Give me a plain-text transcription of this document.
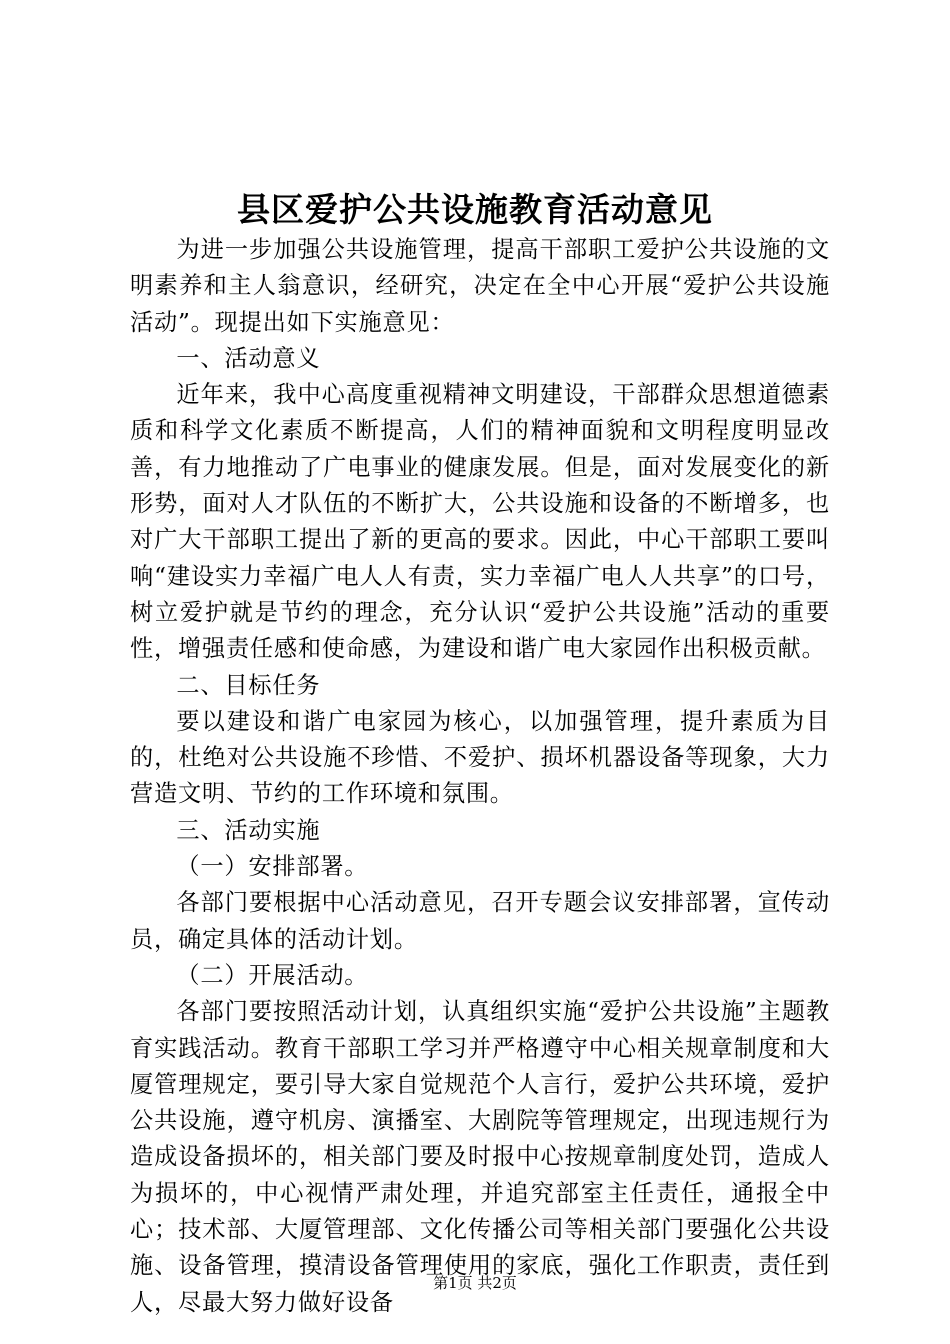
县区爱护公共设施教育活动意见

为进一步加强公共设施管理，提高干部职工爱护公共设施的文明素养和主人翁意识，经研究，决定在全中心开展“爱护公共设施活动”。现提出如下实施意见：

一、活动意义

近年来，我中心高度重视精神文明建设，干部群众思想道德素质和科学文化素质不断提高，人们的精神面貌和文明程度明显改善，有力地推动了广电事业的健康发展。但是，面对发展变化的新形势，面对人才队伍的不断扩大，公共设施和设备的不断增多，也对广大干部职工提出了新的更高的要求。因此，中心干部职工要叫响“建设实力幸福广电人人有责，实力幸福广电人人共享”的口号，树立爱护就是节约的理念，充分认识“爱护公共设施”活动的重要性，增强责任感和使命感，为建设和谐广电大家园作出积极贡献。

二、目标任务

要以建设和谐广电家园为核心，以加强管理，提升素质为目的，杜绝对公共设施不珍惜、不爱护、损坏机器设备等现象，大力营造文明、节约的工作环境和氛围。

三、活动实施

（一）安排部署。

各部门要根据中心活动意见，召开专题会议安排部署，宣传动员，确定具体的活动计划。

（二）开展活动。

各部门要按照活动计划，认真组织实施“爱护公共设施”主题教育实践活动。教育干部职工学习并严格遵守中心相关规章制度和大厦管理规定，要引导大家自觉规范个人言行，爱护公共环境，爱护公共设施，遵守机房、演播室、大剧院等管理规定，出现违规行为造成设备损坏的，相关部门要及时报中心按规章制度处罚，造成人为损坏的，中心视情严肃处理，并追究部室主任责任，通报全中心；技术部、大厦管理部、文化传播公司等相关部门要强化公共设施、设备管理，摸清设备管理使用的家底，强化工作职责，责任到人，尽最大努力做好设备

第1页 共2页
